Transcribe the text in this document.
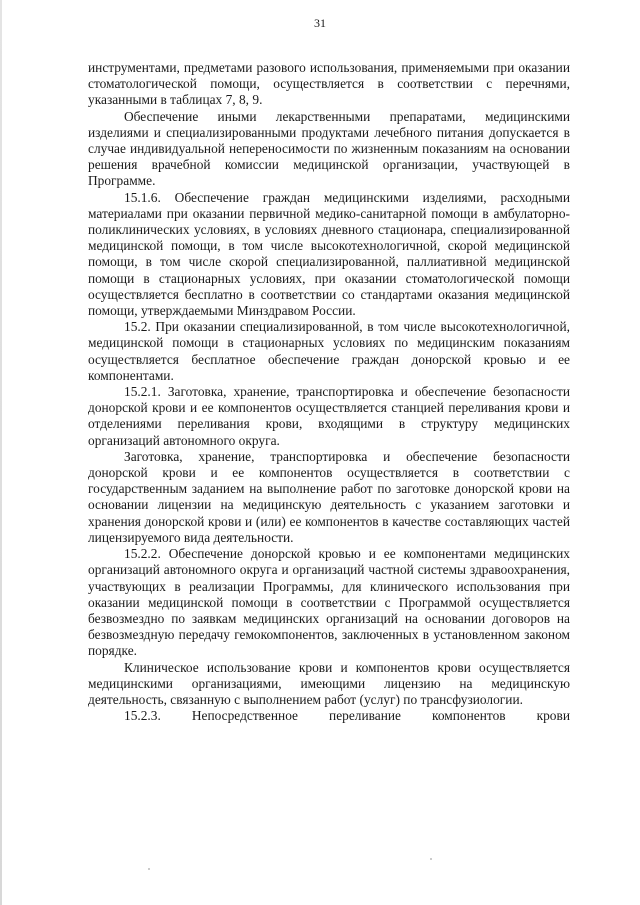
31

инструментами, предметами разового использования, применяемыми при оказании стоматологической помощи, осуществляется в соответствии с перечнями, указанными в таблицах 7, 8, 9.

Обеспечение иными лекарственными препаратами, медицинскими изделиями и специализированными продуктами лечебного питания допускается в случае индивидуальной непереносимости по жизненным показаниям на основании решения врачебной комиссии медицинской организации, участвующей в Программе.

15.1.6. Обеспечение граждан медицинскими изделиями, расходными материалами при оказании первичной медико-санитарной помощи в амбулаторно-поликлинических условиях, в условиях дневного стационара, специализированной медицинской помощи, в том числе высокотехнологичной, скорой медицинской помощи, в том числе скорой специализированной, паллиативной медицинской помощи в стационарных условиях, при оказании стоматологической помощи осуществляется бесплатно в соответствии со стандартами оказания медицинской помощи, утверждаемыми Минздравом России.

15.2. При оказании специализированной, в том числе высокотехнологичной, медицинской помощи в стационарных условиях по медицинским показаниям осуществляется бесплатное обеспечение граждан донорской кровью и ее компонентами.

15.2.1. Заготовка, хранение, транспортировка и обеспечение безопасности донорской крови и ее компонентов осуществляется станцией переливания крови и отделениями переливания крови, входящими в структуру медицинских организаций автономного округа.

Заготовка, хранение, транспортировка и обеспечение безопасности донорской крови и ее компонентов осуществляется в соответствии с государственным заданием на выполнение работ по заготовке донорской крови на основании лицензии на медицинскую деятельность с указанием заготовки и хранения донорской крови и (или) ее компонентов в качестве составляющих частей лицензируемого вида деятельности.

15.2.2. Обеспечение донорской кровью и ее компонентами медицинских организаций автономного округа и организаций частной системы здравоохранения, участвующих в реализации Программы, для клинического использования при оказании медицинской помощи в соответствии с Программой осуществляется безвозмездно по заявкам медицинских организаций на основании договоров на безвозмездную передачу гемокомпонентов, заключенных в установленном законом порядке.

Клиническое использование крови и компонентов крови осуществляется медицинскими организациями, имеющими лицензию на медицинскую деятельность, связанную с выполнением работ (услуг) по трансфузиологии.

15.2.3. Непосредственное переливание компонентов крови
